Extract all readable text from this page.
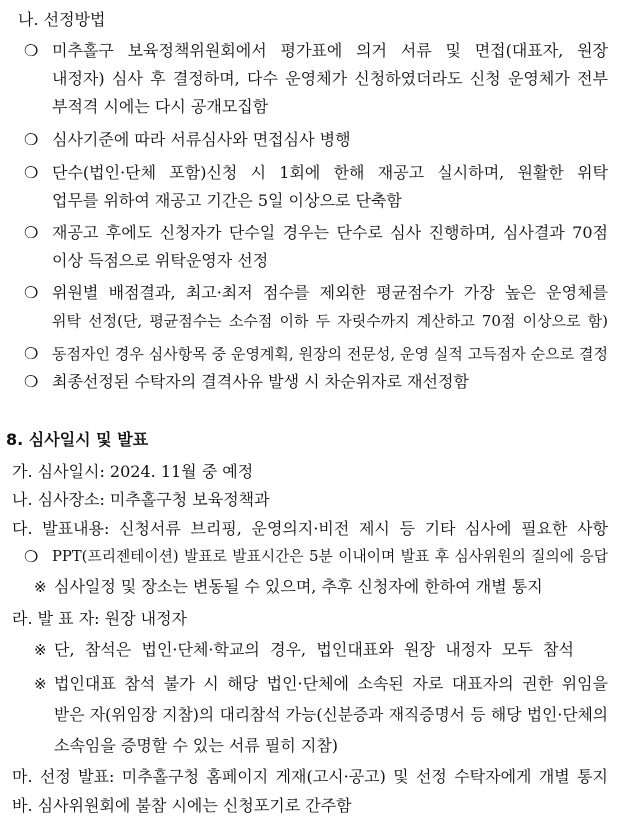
나. 선정방법
❍ 미추홀구 보육정책위원회에서 평가표에 의거 서류 및 면접(대표자, 원장
내정자) 심사 후 결정하며, 다수 운영체가 신청하였더라도 신청 운영체가 전부
부적격 시에는 다시 공개모집함
❍ 심사기준에 따라 서류심사와 면접심사 병행
❍ 단수(법인·단체 포함)신청 시 1회에 한해 재공고 실시하며, 원활한 위탁
업무를 위하여 재공고 기간은 5일 이상으로 단축함
❍ 재공고 후에도 신청자가 단수일 경우는 단수로 심사 진행하며, 심사결과 70점
이상 득점으로 위탁운영자 선정
❍ 위원별 배점결과, 최고·최저 점수를 제외한 평균점수가 가장 높은 운영체를
위탁 선정(단, 평균점수는 소수점 이하 두 자릿수까지 계산하고 70점 이상으로 함)
❍ 동점자인 경우 심사항목 중 운영계획, 원장의 전문성, 운영 실적 고득점자 순으로 결정
❍ 최종선정된 수탁자의 결격사유 발생 시 차순위자로 재선정함
8. 심사일시 및 발표
가. 심사일시: 2024. 11월 중 예정
나. 심사장소: 미추홀구청 보육정책과
다. 발표내용: 신청서류 브리핑, 운영의지·비전 제시 등 기타 심사에 필요한 사항
❍ PPT(프리젠테이션) 발표로 발표시간은 5분 이내이며 발표 후 심사위원의 질의에 응답
※ 심사일정 및 장소는 변동될 수 있으며, 추후 신청자에 한하여 개별 통지
라. 발 표 자: 원장 내정자
※ 단, 참석은 법인·단체·학교의 경우, 법인대표와 원장 내정자 모두 참석
※ 법인대표 참석 불가 시 해당 법인·단체에 소속된 자로 대표자의 권한 위임을
받은 자(위임장 지참)의 대리참석 가능(신분증과 재직증명서 등 해당 법인·단체의
소속임을 증명할 수 있는 서류 필히 지참)
마. 선정 발표: 미추홀구청 홈페이지 게재(고시·공고) 및 선정 수탁자에게 개별 통지
바. 심사위원회에 불참 시에는 신청포기로 간주함
